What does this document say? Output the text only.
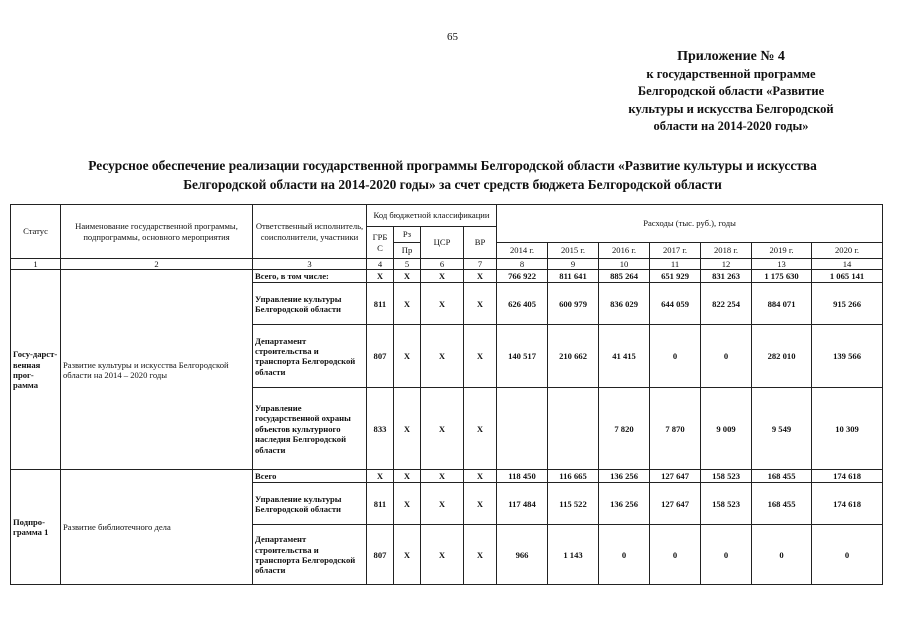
65
Приложение № 4
к государственной программе
Белгородской области «Развитие
культуры и искусства Белгородской
области на 2014-2020 годы»
Ресурсное обеспечение реализации государственной программы Белгородской области «Развитие культуры и искусства
Белгородской области на 2014-2020 годы» за счет средств бюджета Белгородской области
Статус	Наименование государственной программы, подпрограммы, основного мероприятия	Ответственный исполнитель, соисполнители, участники	Код бюджетной классификации				Расходы (тыс. руб.), годы						
			ГРБ С	Рз	ЦСР	ВР							
				Пр			2014 г.	2015 г.	2016 г.	2017 г.	2018 г.	2019 г.	2020 г.
1	2	3	4	5	6	7	8	9	10	11	12	13	14
Госу-дарст-венная прог-рамма	Развитие культуры и искусства Белгородской области на 2014 – 2020 годы	Всего, в том числе:	Х	Х	Х	Х	766 922	811 641	885 264	651 929	831 263	1 175 630	1 065 141
		Управление культуры Белгородской области	811	Х	Х	Х	626 405	600 979	836 029	644 059	822 254	884 071	915 266
		Департамент строительства и транспорта Белгородской области	807	Х	Х	Х	140 517	210 662	41 415	0	0	282 010	139 566
		Управление государственной охраны объектов культурного наследия Белгородской области	833	Х	Х	Х			7 820	7 870	9 009	9 549	10 309
Подпро-грамма 1	Развитие библиотечного дела	Всего	Х	Х	Х	Х	118 450	116 665	136 256	127 647	158 523	168 455	174 618
		Управление культуры Белгородской области	811	Х	Х	Х	117 484	115 522	136 256	127 647	158 523	168 455	174 618
		Департамент строительства и транспорта Белгородской области	807	Х	Х	Х	966	1 143	0	0	0	0	0
